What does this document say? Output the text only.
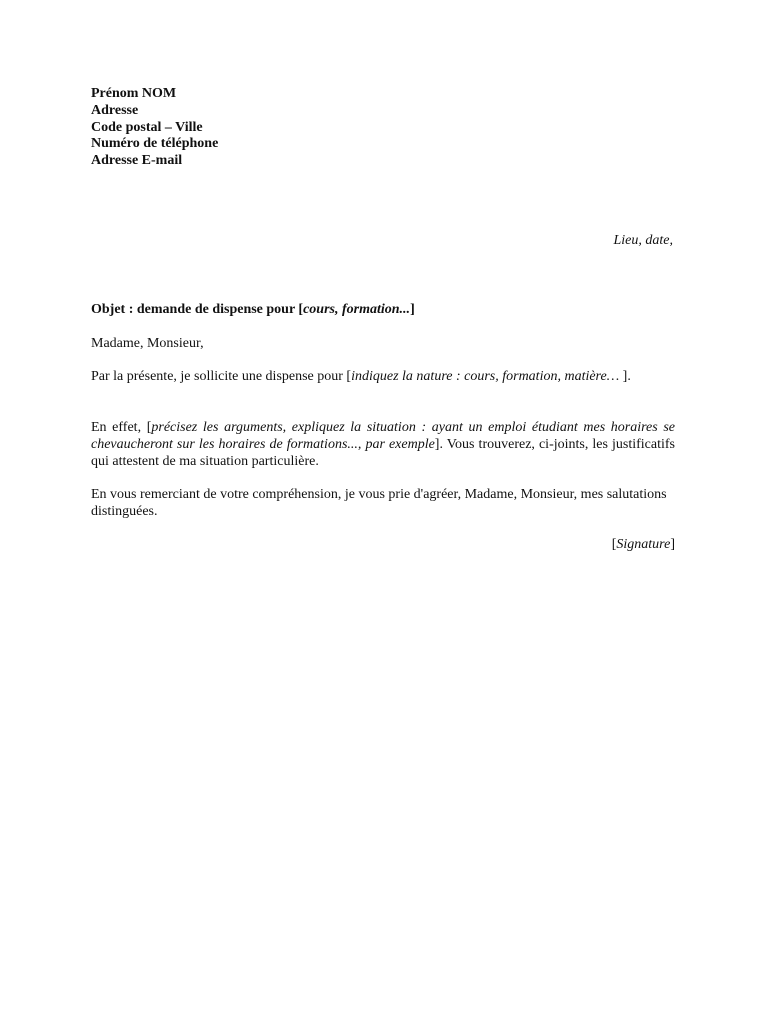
Prénom NOM
Adresse
Code postal – Ville
Numéro de téléphone
Adresse E-mail
Lieu, date,

Objet : demande de dispense pour [cours, formation...]

Madame, Monsieur,

Par la présente, je sollicite une dispense pour [indiquez la nature : cours, formation, matière… ].

En effet, [précisez les arguments, expliquez la situation : ayant un emploi étudiant mes horaires se chevaucheront sur les horaires de formations..., par exemple]. Vous trouverez, ci-joints, les justificatifs qui attestent de ma situation particulière.

En vous remerciant de votre compréhension, je vous prie d'agréer, Madame, Monsieur, mes salutations distinguées.

[Signature]
